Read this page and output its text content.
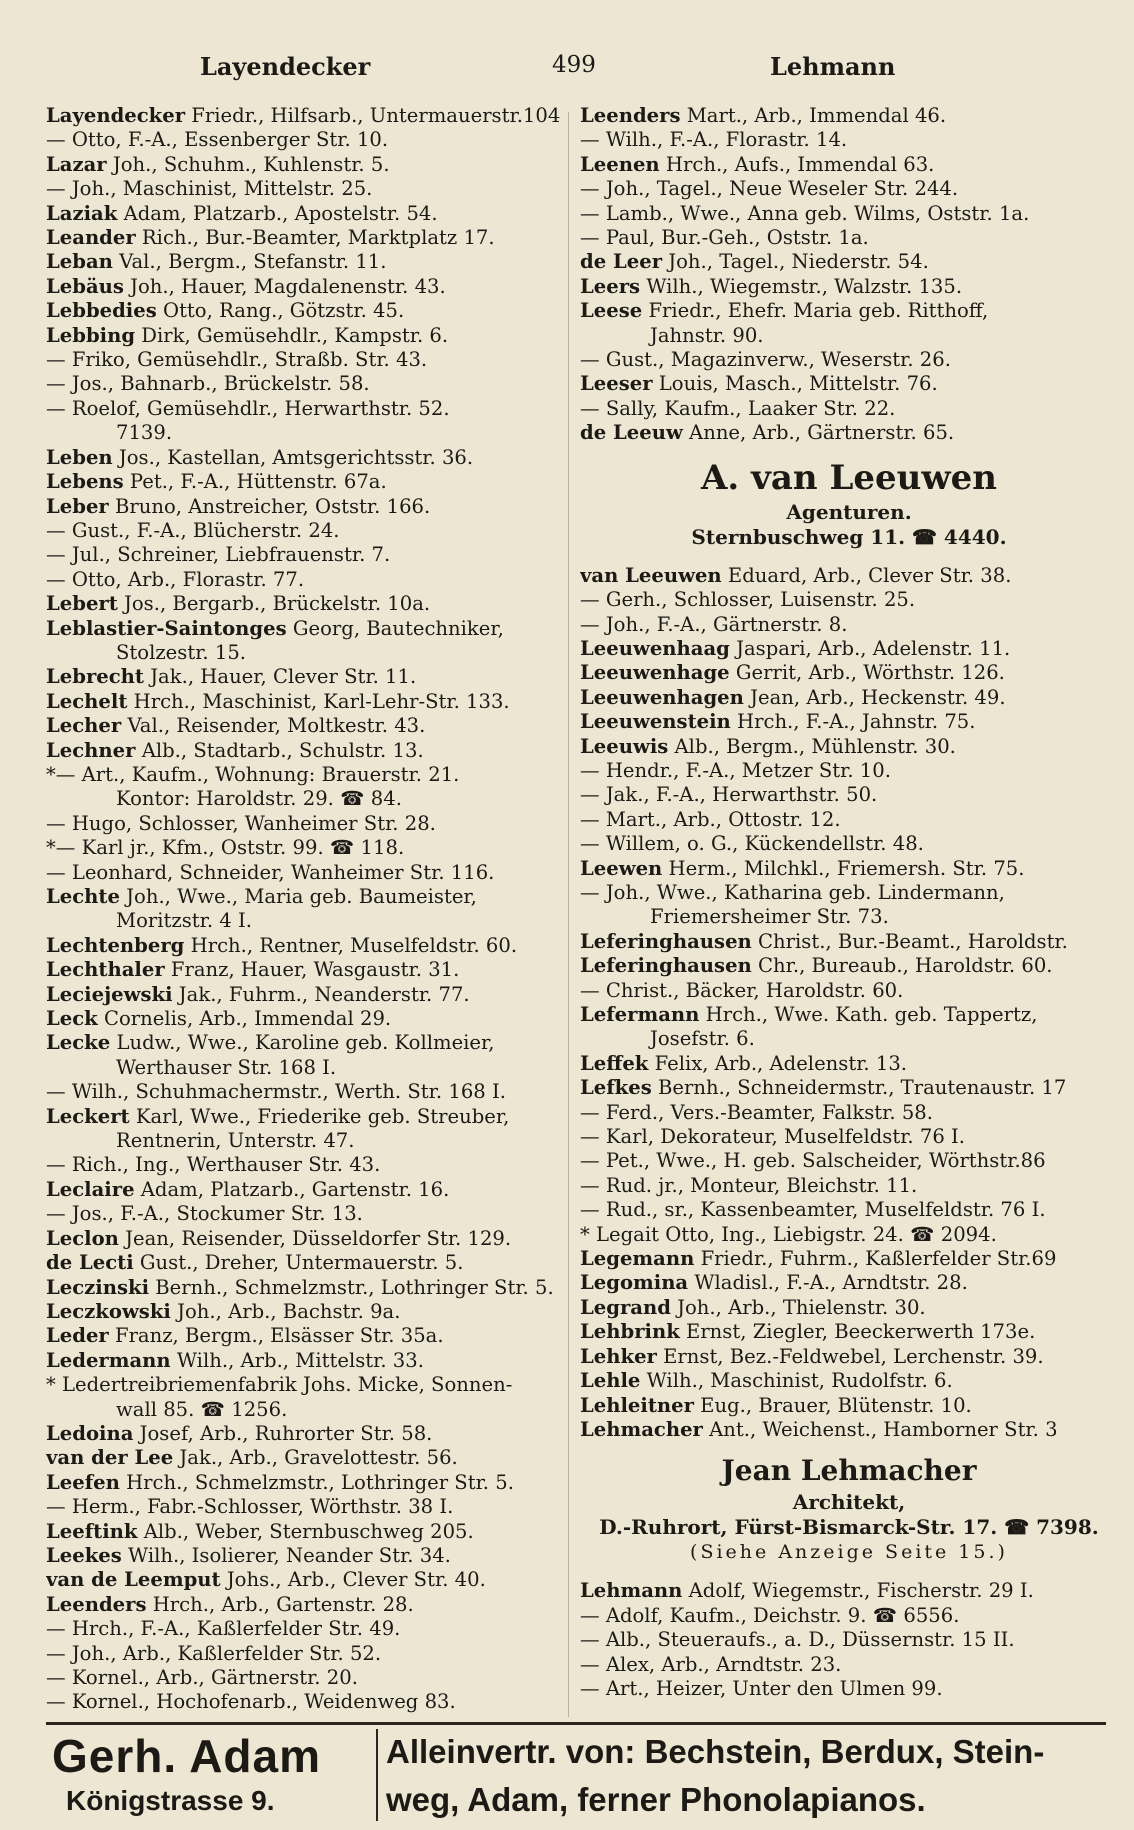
Layendecker	499	Lehmann
Layendecker Friedr., Hilfsarb., Untermauerstr.104
— Otto, F.-A., Essenberger Str. 10.
Lazar Joh., Schuhm., Kuhlenstr. 5.
— Joh., Maschinist, Mittelstr. 25.
Laziak Adam, Platzarb., Apostelstr. 54.
Leander Rich., Bur.-Beamter, Marktplatz 17.
Leban Val., Bergm., Stefanstr. 11.
Lebäus Joh., Hauer, Magdalenenstr. 43.
Lebbedies Otto, Rang., Götzstr. 45.
Lebbing Dirk, Gemüsehdlr., Kampstr. 6.
— Friko, Gemüsehdlr., Straßb. Str. 43.
— Jos., Bahnarb., Brückelstr. 58.
— Roelof, Gemüsehdlr., Herwarthstr. 52.
7139.
Leben Jos., Kastellan, Amtsgerichtsstr. 36.
Lebens Pet., F.-A., Hüttenstr. 67a.
Leber Bruno, Anstreicher, Oststr. 166.
— Gust., F.-A., Blücherstr. 24.
— Jul., Schreiner, Liebfrauenstr. 7.
— Otto, Arb., Florastr. 77.
Lebert Jos., Bergarb., Brückelstr. 10a.
Leblastier-Saintonges Georg, Bautechniker,
Stolzestr. 15.
Lebrecht Jak., Hauer, Clever Str. 11.
Lechelt Hrch., Maschinist, Karl-Lehr-Str. 133.
Lecher Val., Reisender, Moltkestr. 43.
Lechner Alb., Stadtarb., Schulstr. 13.
*— Art., Kaufm., Wohnung: Brauerstr. 21.
Kontor: Haroldstr. 29. ☎ 84.
— Hugo, Schlosser, Wanheimer Str. 28.
*— Karl jr., Kfm., Oststr. 99. ☎ 118.
— Leonhard, Schneider, Wanheimer Str. 116.
Lechte Joh., Wwe., Maria geb. Baumeister,
Moritzstr. 4 I.
Lechtenberg Hrch., Rentner, Muselfeldstr. 60.
Lechthaler Franz, Hauer, Wasgaustr. 31.
Leciejewski Jak., Fuhrm., Neanderstr. 77.
Leck Cornelis, Arb., Immendal 29.
Lecke Ludw., Wwe., Karoline geb. Kollmeier,
Werthauser Str. 168 I.
— Wilh., Schuhmachermstr., Werth. Str. 168 I.
Leckert Karl, Wwe., Friederike geb. Streuber,
Rentnerin, Unterstr. 47.
— Rich., Ing., Werthauser Str. 43.
Leclaire Adam, Platzarb., Gartenstr. 16.
— Jos., F.-A., Stockumer Str. 13.
Leclon Jean, Reisender, Düsseldorfer Str. 129.
de Lecti Gust., Dreher, Untermauerstr. 5.
Leczinski Bernh., Schmelzmstr., Lothringer Str. 5.
Leczkowski Joh., Arb., Bachstr. 9a.
Leder Franz, Bergm., Elsässer Str. 35a.
Ledermann Wilh., Arb., Mittelstr. 33.
* Ledertreibriemenfabrik Johs. Micke, Sonnen-
wall 85. ☎ 1256.
Ledoina Josef, Arb., Ruhrorter Str. 58.
van der Lee Jak., Arb., Gravelottestr. 56.
Leefen Hrch., Schmelzmstr., Lothringer Str. 5.
— Herm., Fabr.-Schlosser, Wörthstr. 38 I.
Leeftink Alb., Weber, Sternbuschweg 205.
Leekes Wilh., Isolierer, Neander Str. 34.
van de Leemput Johs., Arb., Clever Str. 40.
Leenders Hrch., Arb., Gartenstr. 28.
— Hrch., F.-A., Kaßlerfelder Str. 49.
— Joh., Arb., Kaßlerfelder Str. 52.
— Kornel., Arb., Gärtnerstr. 20.
— Kornel., Hochofenarb., Weidenweg 83.
Leenders Mart., Arb., Immendal 46.
— Wilh., F.-A., Florastr. 14.
Leenen Hrch., Aufs., Immendal 63.
— Joh., Tagel., Neue Weseler Str. 244.
— Lamb., Wwe., Anna geb. Wilms, Oststr. 1a.
— Paul, Bur.-Geh., Oststr. 1a.
de Leer Joh., Tagel., Niederstr. 54.
Leers Wilh., Wiegemstr., Walzstr. 135.
Leese Friedr., Ehefr. Maria geb. Ritthoff,
Jahnstr. 90.
— Gust., Magazinverw., Weserstr. 26.
Leeser Louis, Masch., Mittelstr. 76.
— Sally, Kaufm., Laaker Str. 22.
de Leeuw Anne, Arb., Gärtnerstr. 65.
A. van Leeuwen
Agenturen.
Sternbuschweg 11. ☎ 4440.
van Leeuwen Eduard, Arb., Clever Str. 38.
— Gerh., Schlosser, Luisenstr. 25.
— Joh., F.-A., Gärtnerstr. 8.
Leeuwenhaag Jaspari, Arb., Adelenstr. 11.
Leeuwenhage Gerrit, Arb., Wörthstr. 126.
Leeuwenhagen Jean, Arb., Heckenstr. 49.
Leeuwenstein Hrch., F.-A., Jahnstr. 75.
Leeuwis Alb., Bergm., Mühlenstr. 30.
— Hendr., F.-A., Metzer Str. 10.
— Jak., F.-A., Herwarthstr. 50.
— Mart., Arb., Ottostr. 12.
— Willem, o. G., Kückendellstr. 48.
Leewen Herm., Milchkl., Friemersh. Str. 75.
— Joh., Wwe., Katharina geb. Lindermann,
Friemersheimer Str. 73.
Leferinghausen Christ., Bur.-Beamt., Haroldstr.
Leferinghausen Chr., Bureaub., Haroldstr. 60.
— Christ., Bäcker, Haroldstr. 60.
Lefermann Hrch., Wwe. Kath. geb. Tappertz,
Josefstr. 6.
Leffek Felix, Arb., Adelenstr. 13.
Lefkes Bernh., Schneidermstr., Trautenaustr. 17
— Ferd., Vers.-Beamter, Falkstr. 58.
— Karl, Dekorateur, Muselfeldstr. 76 I.
— Pet., Wwe., H. geb. Salscheider, Wörthstr.86
— Rud. jr., Monteur, Bleichstr. 11.
— Rud., sr., Kassenbeamter, Muselfeldstr. 76 I.
* Legait Otto, Ing., Liebigstr. 24. ☎ 2094.
Legemann Friedr., Fuhrm., Kaßlerfelder Str.69
Legomina Wladisl., F.-A., Arndtstr. 28.
Legrand Joh., Arb., Thielenstr. 30.
Lehbrink Ernst, Ziegler, Beeckerwerth 173e.
Lehker Ernst, Bez.-Feldwebel, Lerchenstr. 39.
Lehle Wilh., Maschinist, Rudolfstr. 6.
Lehleitner Eug., Brauer, Blütenstr. 10.
Lehmacher Ant., Weichenst., Hamborner Str. 3
Jean Lehmacher
Architekt,
D.-Ruhrort, Fürst-Bismarck-Str. 17. ☎ 7398.
(Siehe Anzeige Seite 15.)
Lehmann Adolf, Wiegemstr., Fischerstr. 29 I.
— Adolf, Kaufm., Deichstr. 9. ☎ 6556.
— Alb., Steueraufs., a. D., Düssernstr. 15 II.
— Alex, Arb., Arndtstr. 23.
— Art., Heizer, Unter den Ulmen 99.
Gerh. Adam
Königstrasse 9.
Alleinvertr. von: Bechstein, Berdux, Stein-
weg, Adam, ferner Phonolapianos.
